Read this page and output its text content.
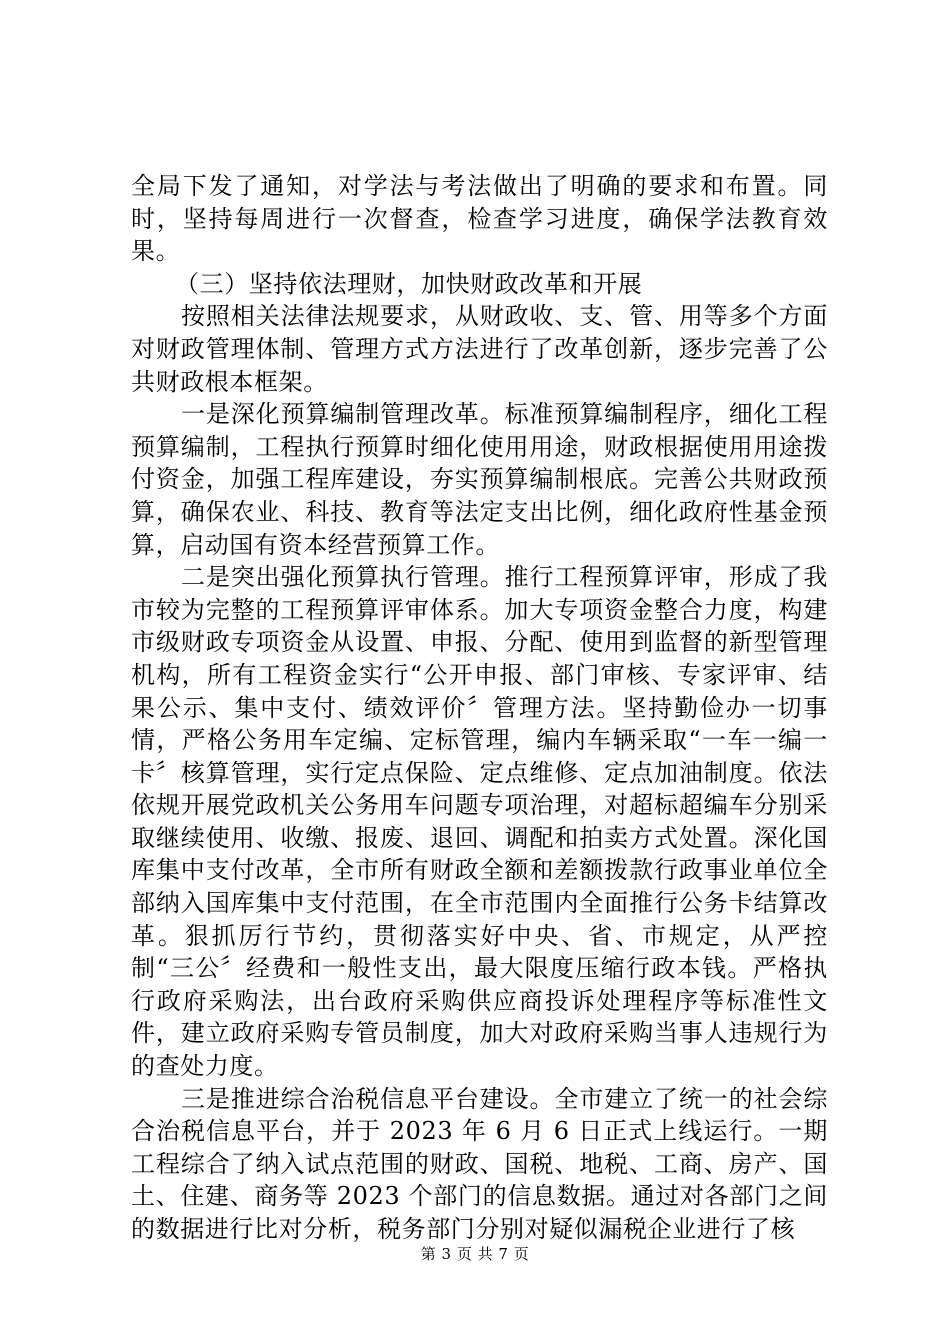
全局下发了通知，对学法与考法做出了明确的要求和布置。同时，坚持每周进行一次督查，检查学习进度，确保学法教育效果。

（三）坚持依法理财，加快财政改革和开展

按照相关法律法规要求，从财政收、支、管、用等多个方面对财政管理体制、管理方式方法进行了改革创新，逐步完善了公共财政根本框架。

一是深化预算编制管理改革。标准预算编制程序，细化工程预算编制，工程执行预算时细化使用用途，财政根据使用用途拨付资金，加强工程库建设，夯实预算编制根底。完善公共财政预算，确保农业、科技、教育等法定支出比例，细化政府性基金预算，启动国有资本经营预算工作。

二是突出强化预算执行管理。推行工程预算评审，形成了我市较为完整的工程预算评审体系。加大专项资金整合力度，构建市级财政专项资金从设置、申报、分配、使用到监督的新型管理机构，所有工程资金实行“公开申报、部门审核、专家评审、结果公示、集中支付、绩效评价〞管理方法。坚持勤俭办一切事情，严格公务用车定编、定标管理，编内车辆采取“一车一编一卡〞核算管理，实行定点保险、定点维修、定点加油制度。依法依规开展党政机关公务用车问题专项治理，对超标超编车分别采取继续使用、收缴、报废、退回、调配和拍卖方式处置。深化国库集中支付改革，全市所有财政全额和差额拨款行政事业单位全部纳入国库集中支付范围，在全市范围内全面推行公务卡结算改革。狠抓厉行节约，贯彻落实好中央、省、市规定，从严控制“三公〞经费和一般性支出，最大限度压缩行政本钱。严格执行政府采购法，出台政府采购供应商投诉处理程序等标准性文件，建立政府采购专管员制度，加大对政府采购当事人违规行为的查处力度。

三是推进综合治税信息平台建设。全市建立了统一的社会综合治税信息平台，并于 2023 年 6 月 6 日正式上线运行。一期工程综合了纳入试点范围的财政、国税、地税、工商、房产、国土、住建、商务等 2023 个部门的信息数据。通过对各部门之间的数据进行比对分析，税务部门分别对疑似漏税企业进行了核

第 3 页 共 7 页
